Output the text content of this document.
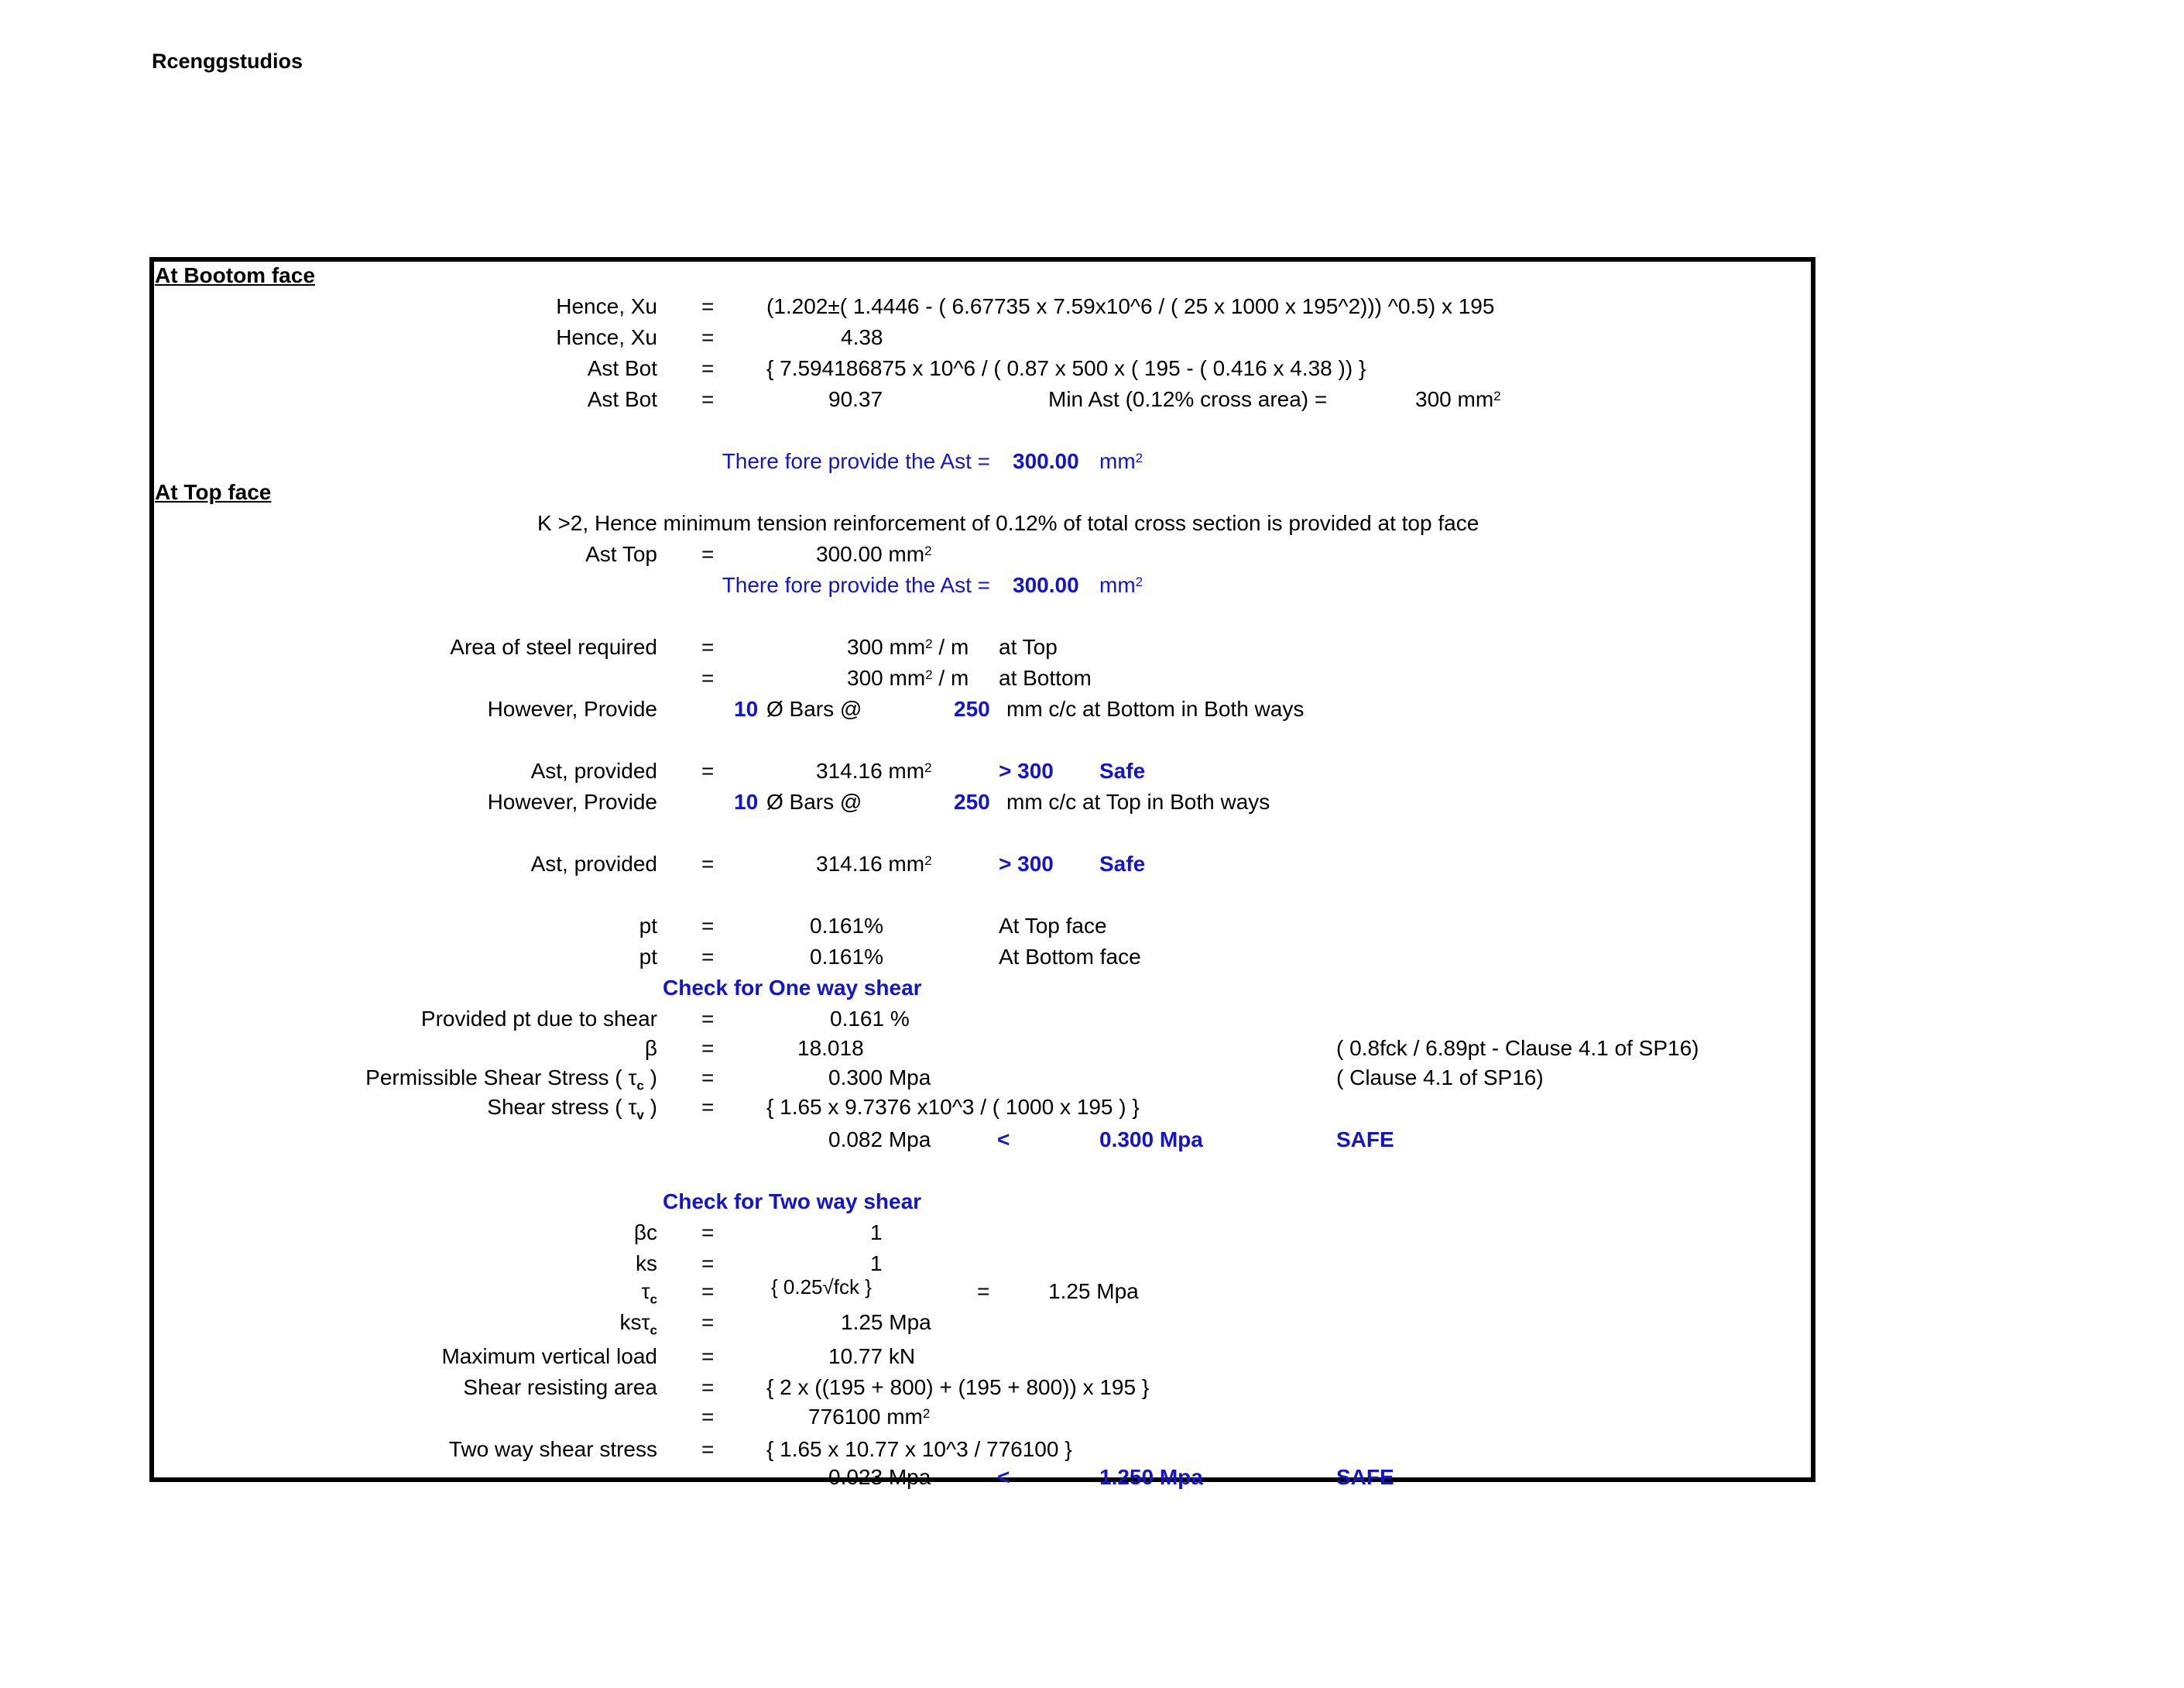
Rcenggstudios
At Bootom face
Hence, Xu = (1.202±( 1.4446 - ( 6.67735 x 7.59x10^6 / ( 25 x 1000 x 195^2))) ^0.5) x 195
Hence, Xu =	4.38
Ast Bot = { 7.594186875 x 10^6 / ( 0.87 x 500 x ( 195 - ( 0.416 x 4.38 )) }
Ast Bot =	90.37	Min Ast (0.12% cross area) =	300 $mm^2$
There fore provide the Ast = 300.00 $mm^2$
At Top face
K >2, Hence minimum tension reinforcement of 0.12% of total cross section is provided at top face
Ast Top =	300.00 $mm^2$
There fore provide the Ast = 300.00 $mm^2$
Area of steel required =	300 $mm^2$ / m at Top
=	300 $mm^2$ / m at Bottom
However, Provide	10 Ø Bars @	250 mm c/c at Bottom in Both ways
Ast, provided =	314.16 $mm^2$	> 300 Safe
However, Provide	10 Ø Bars @	250 mm c/c at Top in Both ways
Ast, provided =	314.16 $mm^2$	> 300 Safe
pt =	0.161%	At Top face
pt =	0.161%	At Bottom face
Check for One way shear
Provided pt due to shear =	0.161 %
β =	18.018	( 0.8fck / 6.89pt - Clause 4.1 of SP16)
Permissible Shear Stress ( $\tau_c$ ) =	0.300 Mpa	( Clause 4.1 of SP16)
Shear stress ( $\tau_v$ ) = { 1.65 x 9.7376 x10^3 / ( 1000 x 195 ) }
0.082 Mpa	<	0.300 Mpa	SAFE
Check for Two way shear
βc =	1
ks =	1
$\tau_c$ =	{ 0.25√fck }	=	1.25 Mpa
ksτ$_c$ =	1.25 Mpa
Maximum vertical load =	10.77 kN
Shear resisting area = { 2 x ((195 + 800) + (195 + 800)) x 195 }
=	776100 $mm^2$
Two way shear stress = { 1.65 x 10.77 x 10^3 / 776100 }
0.023 Mpa	<	1.250 Mpa	SAFE
